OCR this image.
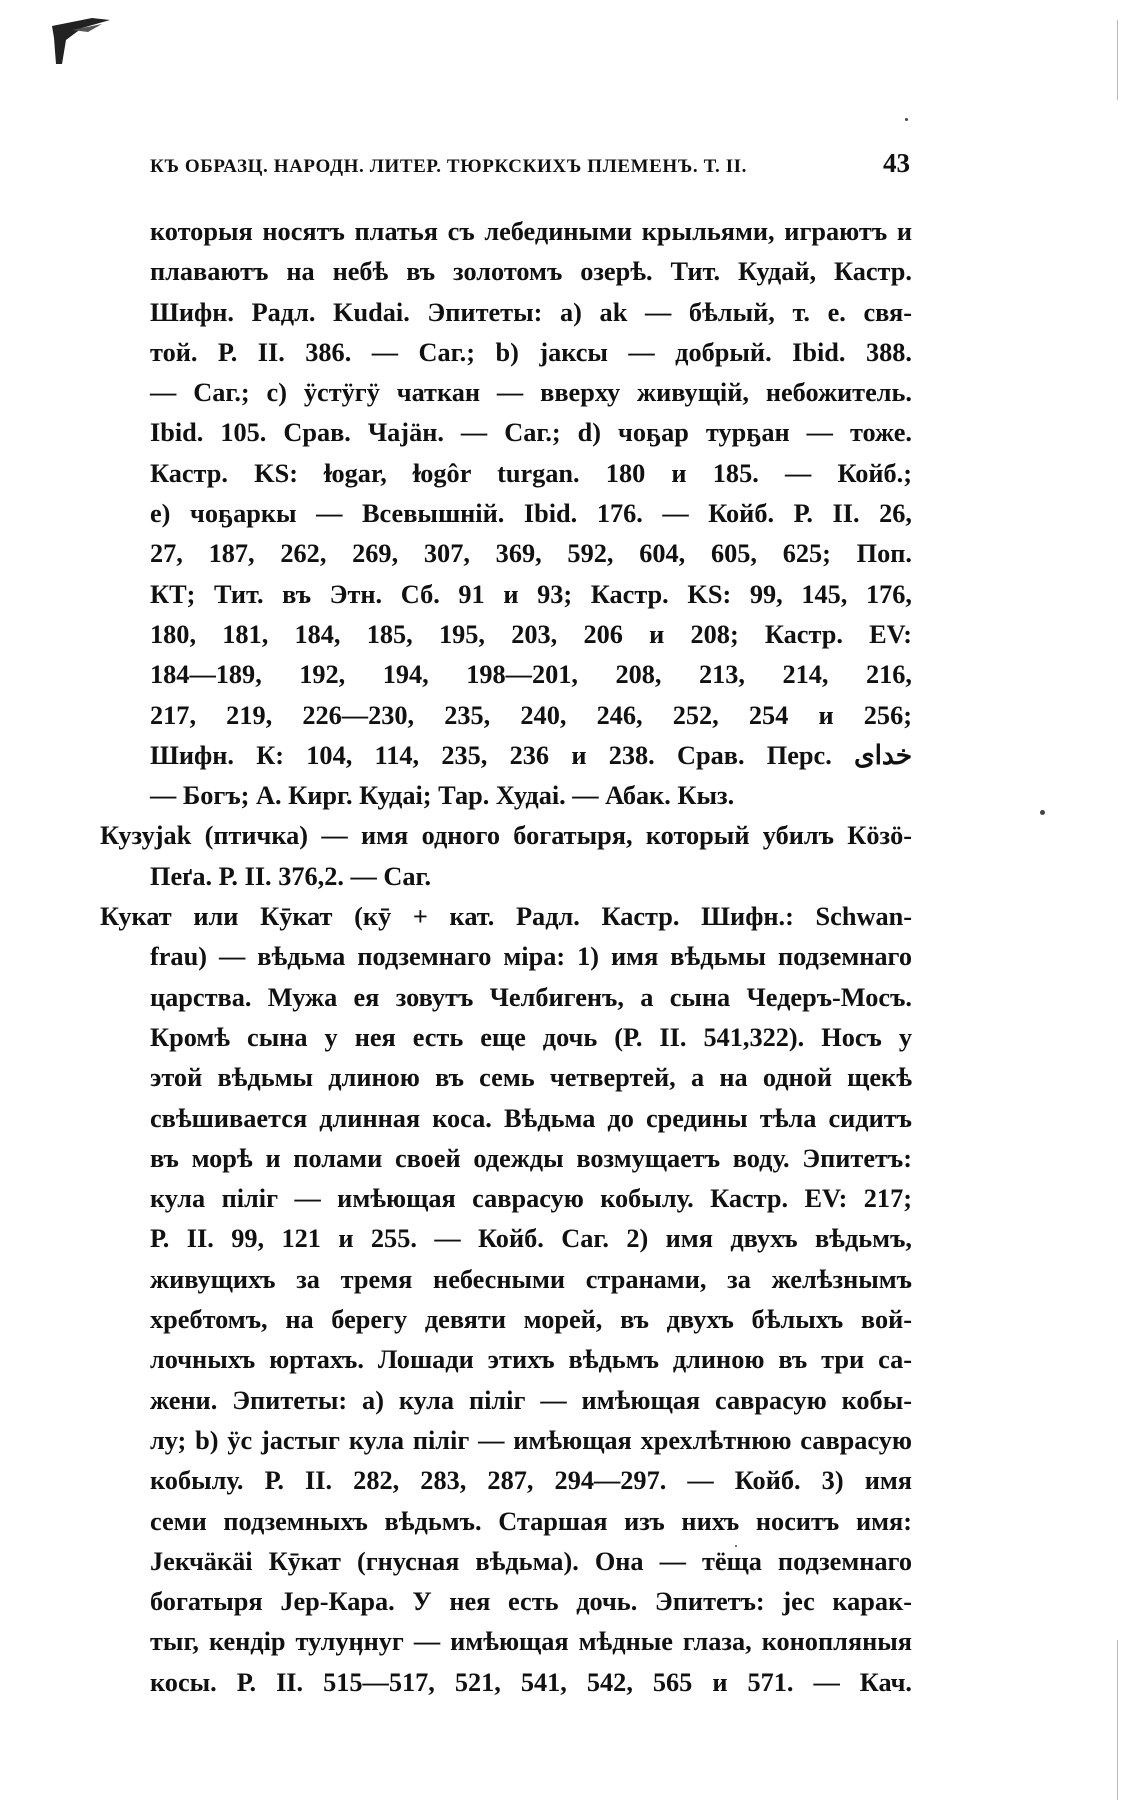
КЪ ОБРАЗЦ. НАРОДН. ЛИТЕР. ТЮРКСКИХЪ ПЛЕМЕНЪ. Т. II.	43
которыя носятъ платья съ лебедиными крыльями, играютъ и
плаваютъ на небѣ въ золотомъ озерѣ. Тит. Кудай, Кастр.
Шифн. Радл. Kudai. Эпитеты: а) ak — бѣлый, т. е. свя-
той. Р. II. 386. — Саг.; b) jaксы — добрый. Ibid. 388.
— Саг.; с) ӱстӱгӱ чаткан — вверху живущій, небожитель.
Ibid. 105. Срав. Чаjӓн. — Саг.; d) чоҕар турҕан — тоже.
Кастр. KS: ɫogar, ɫogôr turgan. 180 и 185. — Койб.;
е) чоҕаркы — Всевышній. Ibid. 176. — Койб. Р. II. 26,
27, 187, 262, 269, 307, 369, 592, 604, 605, 625; Поп.
КТ; Тит. въ Этн. Сб. 91 и 93; Кастр. KS: 99, 145, 176,
180, 181, 184, 185, 195, 203, 206 и 208; Кастр. EV:
184—189, 192, 194, 198—201, 208, 213, 214, 216,
217, 219, 226—230, 235, 240, 246, 252, 254 и 256;
Шифн. К: 104, 114, 235, 236 и 238. Срав. Перс. خدای
— Богъ; А. Кирг. Кудаі; Тар. Худаі. — Абак. Кыз.
Кузуjak (птичка) — имя одного богатыря, который убилъ Кӧзӧ-
Пеґа. Р. II. 376,2. — Саг.
Кукат или Кӯкат (кӯ + кат. Радл. Кастр. Шифн.: Schwan-
frau) — вѣдьма подземнаго міра: 1) имя вѣдьмы подземнаго
царства. Мужа ея зовутъ Челбигенъ, а сына Чедеръ-Мосъ.
Кромѣ сына у нея есть еще дочь (Р. II. 541,322). Носъ у
этой вѣдьмы длиною въ семь четвертей, а на одной щекѣ
свѣшивается длинная коса. Вѣдьма до средины тѣла сидитъ
въ морѣ и полами своей одежды возмущаетъ воду. Эпитетъ:
кула пiлiг — имѣющая саврасую кобылу. Кастр. EV: 217;
Р. II. 99, 121 и 255. — Койб. Саг. 2) имя двухъ вѣдьмъ,
живущихъ за тремя небесными странами, за желѣзнымъ
хребтомъ, на берегу девяти морей, въ двухъ бѣлыхъ вой-
лочныхъ юртахъ. Лошади этихъ вѣдьмъ длиною въ три са-
жени. Эпитеты: а) кула пiлiг — имѣющая саврасую кобы-
лу; b) ӱс jастыг кула пiлiг — имѣющая хрехлѣтнюю саврасую
кобылу. Р. II. 282, 283, 287, 294—297. — Койб. 3) имя
семи подземныхъ вѣдьмъ. Старшая изъ нихъ носитъ имя:
Јекчӓкӓі Кӯкат (гнусная вѣдьма). Она — тёща подземнаго
богатыря Јер-Кара. У нея есть дочь. Эпитетъ: jес карак-
тыг, кендiр тулуӊнуг — имѣющая мѣдные глаза, конопляныя
косы. Р. II. 515—517, 521, 541, 542, 565 и 571. — Кач.
